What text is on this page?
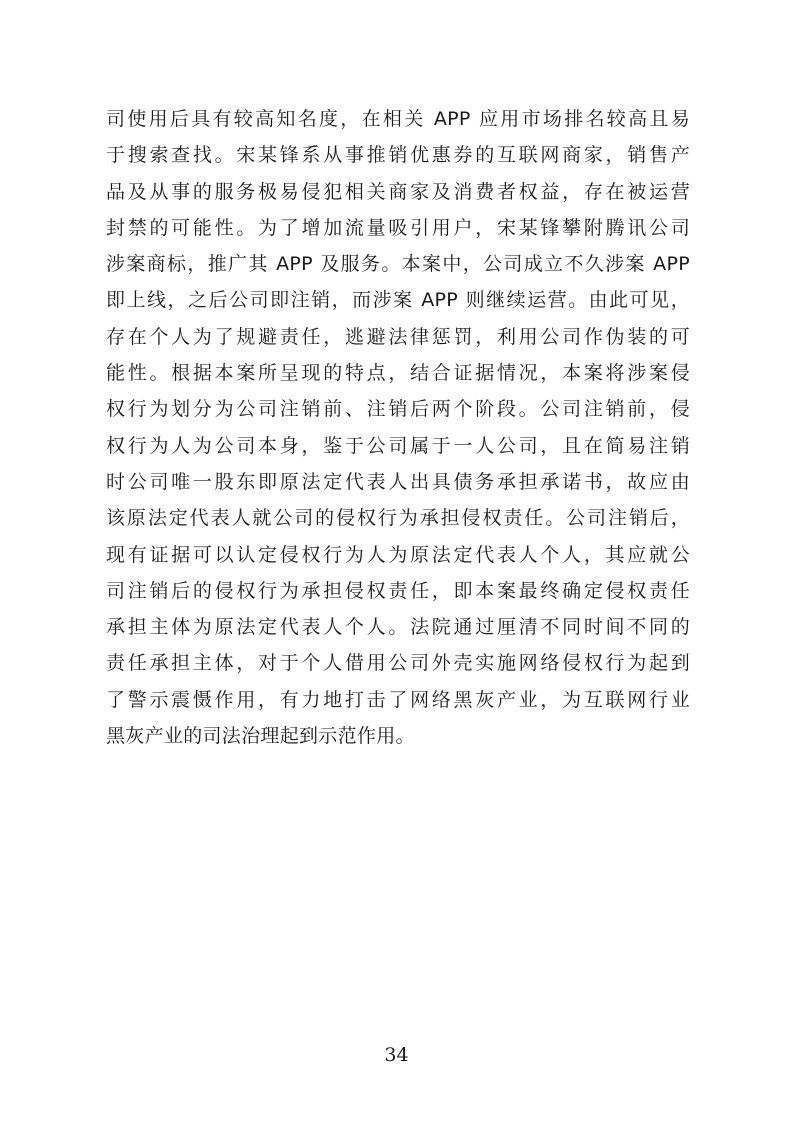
司使用后具有较高知名度，在相关 APP 应用市场排名较高且易
于搜索查找。宋某锋系从事推销优惠券的互联网商家，销售产
品及从事的服务极易侵犯相关商家及消费者权益，存在被运营
封禁的可能性。为了增加流量吸引用户，宋某锋攀附腾讯公司
涉案商标，推广其 APP 及服务。本案中，公司成立不久涉案 APP
即上线，之后公司即注销，而涉案 APP 则继续运营。由此可见，
存在个人为了规避责任，逃避法律惩罚，利用公司作伪装的可
能性。根据本案所呈现的特点，结合证据情况，本案将涉案侵
权行为划分为公司注销前、注销后两个阶段。公司注销前，侵
权行为人为公司本身，鉴于公司属于一人公司，且在简易注销
时公司唯一股东即原法定代表人出具债务承担承诺书，故应由
该原法定代表人就公司的侵权行为承担侵权责任。公司注销后，
现有证据可以认定侵权行为人为原法定代表人个人，其应就公
司注销后的侵权行为承担侵权责任，即本案最终确定侵权责任
承担主体为原法定代表人个人。法院通过厘清不同时间不同的
责任承担主体，对于个人借用公司外壳实施网络侵权行为起到
了警示震慑作用，有力地打击了网络黑灰产业，为互联网行业
黑灰产业的司法治理起到示范作用。
34
